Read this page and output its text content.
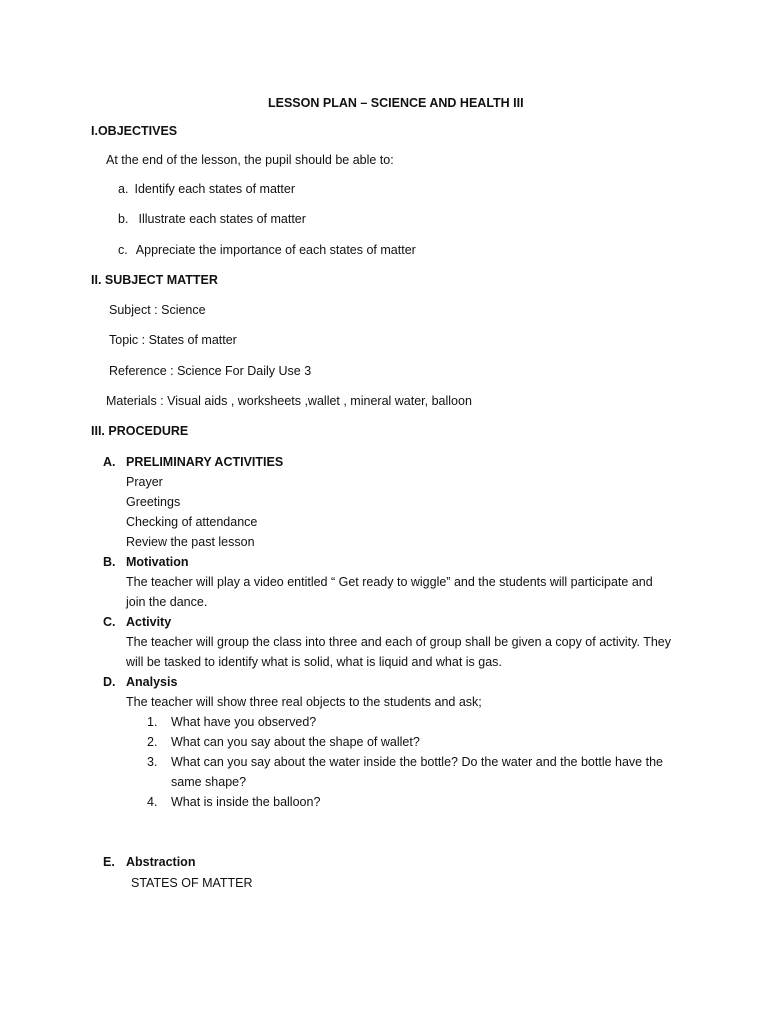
LESSON PLAN – SCIENCE AND HEALTH III
I.OBJECTIVES
At the end of the lesson, the pupil should be able to:
a. Identify each states of matter
b. Illustrate each states of matter
c. Appreciate the importance of each states of matter
II. SUBJECT MATTER
Subject : Science
Topic : States of matter
Reference : Science For Daily Use 3
Materials : Visual aids , worksheets ,wallet , mineral water, balloon
III. PROCEDURE
A. PRELIMINARY ACTIVITIES
Prayer
Greetings
Checking of attendance
Review the past lesson
B. Motivation
The teacher will play a video entitled “ Get ready to wiggle” and the students will participate and
join the dance.
C. Activity
The teacher will group the class into three and each of group shall be given a copy of activity. They
will be tasked to identify what is solid, what is liquid and what is gas.
D. Analysis
The teacher will show three real objects to the students and ask;
1. What have you observed?
2. What can you say about the shape of wallet?
3. What can you say about the water inside the bottle? Do the water and the bottle have the
same shape?
4. What is inside the balloon?
E. Abstraction
STATES OF MATTER
